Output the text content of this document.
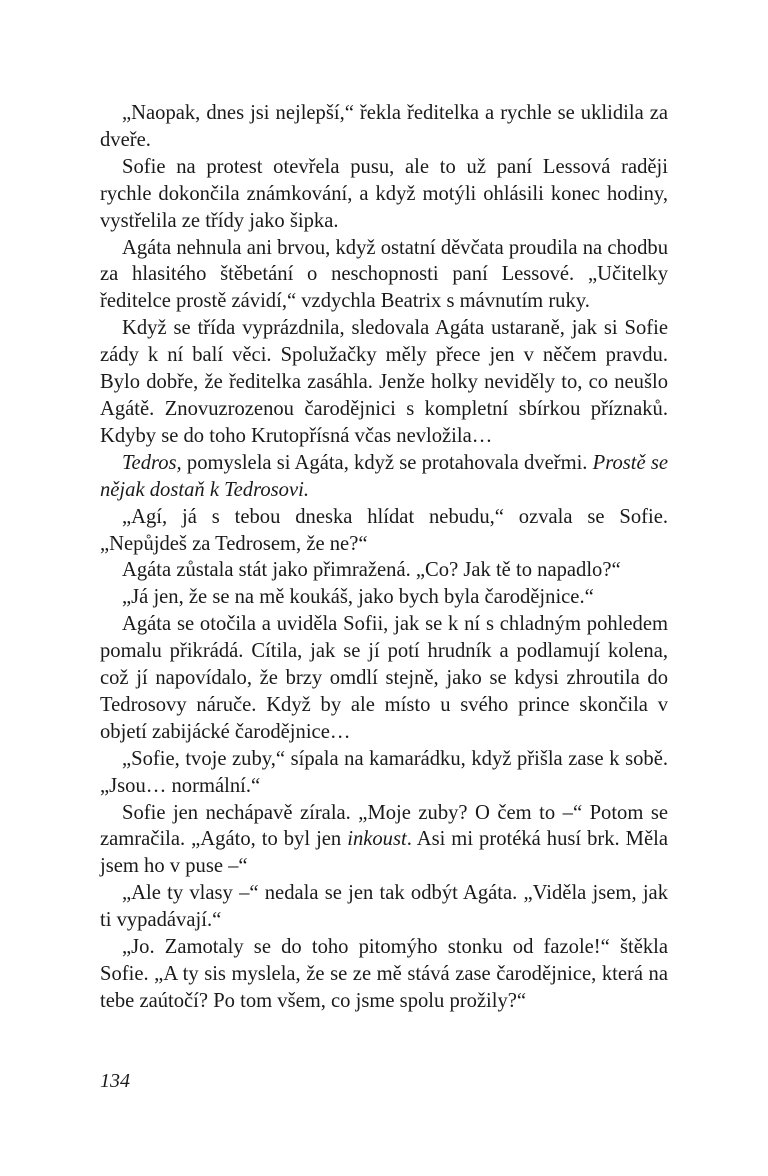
„Naopak, dnes jsi nejlepší,“ řekla ředitelka a rychle se uklidila za dveře.

Sofie na protest otevřela pusu, ale to už paní Lessová raději rychle dokončila známkování, a když motýli ohlásili konec hodiny, vystřelila ze třídy jako šipka.

Agáta nehnula ani brvou, když ostatní děvčata proudila na chodbu za hlasitého štěbetání o neschopnosti paní Lessové. „Učitelky ředitelce prostě závidí,“ vzdychla Beatrix s mávnutím ruky.

Když se třída vyprázdnila, sledovala Agáta ustaraně, jak si Sofie zády k ní balí věci. Spolužačky měly přece jen v něčem pravdu. Bylo dobře, že ředitelka zasáhla. Jenže holky neviděly to, co neušlo Agátě. Znovuzrozenou čarodějnici s kompletní sbírkou příznaků. Kdyby se do toho Krutopřísná včas nevložila…

Tedros, pomyslela si Agáta, když se protahovala dveřmi. Prostě se nějak dostaň k Tedrosovi.

„Agí, já s tebou dneska hlídat nebudu,“ ozvala se Sofie. „Nepůjdeš za Tedrosem, že ne?“

Agáta zůstala stát jako přimražená. „Co? Jak tě to napadlo?“

„Já jen, že se na mě koukáš, jako bych byla čarodějnice.“

Agáta se otočila a uviděla Sofii, jak se k ní s chladným pohledem pomalu přikrádá. Cítila, jak se jí potí hrudník a podlamují kolena, což jí napovídalo, že brzy omdlí stejně, jako se kdysi zhroutila do Tedrosovy náruče. Když by ale místo u svého prince skončila v objetí zabijácké čarodějnice…

„Sofie, tvoje zuby,“ sípala na kamarádku, když přišla zase k sobě. „Jsou… normální.“

Sofie jen nechápavě zírala. „Moje zuby? O čem to –“ Potom se zamračila. „Agáto, to byl jen inkoust. Asi mi protéká husí brk. Měla jsem ho v puse –“

„Ale ty vlasy –“ nedala se jen tak odbýt Agáta. „Viděla jsem, jak ti vypadávají.“

„Jo. Zamotaly se do toho pitomýho stonku od fazole!“ štěkla Sofie. „A ty sis myslela, že se ze mě stává zase čarodějnice, která na tebe zaútočí? Po tom všem, co jsme spolu prožily?“

134
